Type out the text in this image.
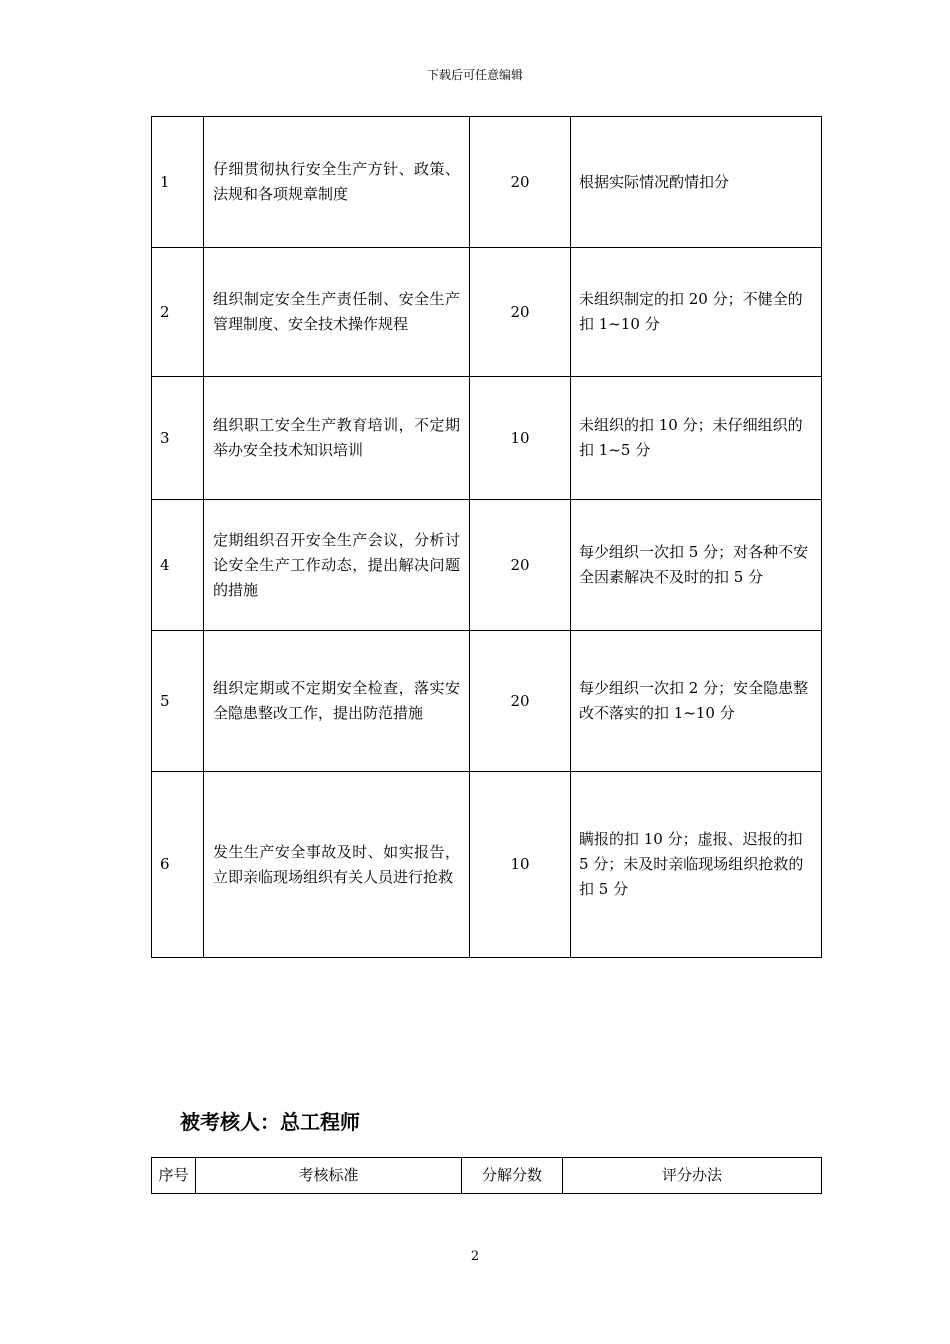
下载后可任意编辑
1	仔细贯彻执行安全生产方针、政策、法规和各项规章制度	20	根据实际情况酌情扣分
2	组织制定安全生产责任制、安全生产管理制度、安全技术操作规程	20	未组织制定的扣 20 分；不健全的扣 1~10 分
3	组织职工安全生产教育培训，不定期举办安全技术知识培训	10	未组织的扣 10 分；未仔细组织的扣 1~5 分
4	定期组织召开安全生产会议，分析讨论安全生产工作动态，提出解决问题的措施	20	每少组织一次扣 5 分；对各种不安全因素解决不及时的扣 5 分
5	组织定期或不定期安全检查，落实安全隐患整改工作，提出防范措施	20	每少组织一次扣 2 分；安全隐患整改不落实的扣 1~10 分
6	发生生产安全事故及时、如实报告，立即亲临现场组织有关人员进行抢救	10	瞒报的扣 10 分；虚报、迟报的扣 5 分；未及时亲临现场组织抢救的扣 5 分
被考核人：总工程师
序号	考核标准	分解分数	评分办法
2
